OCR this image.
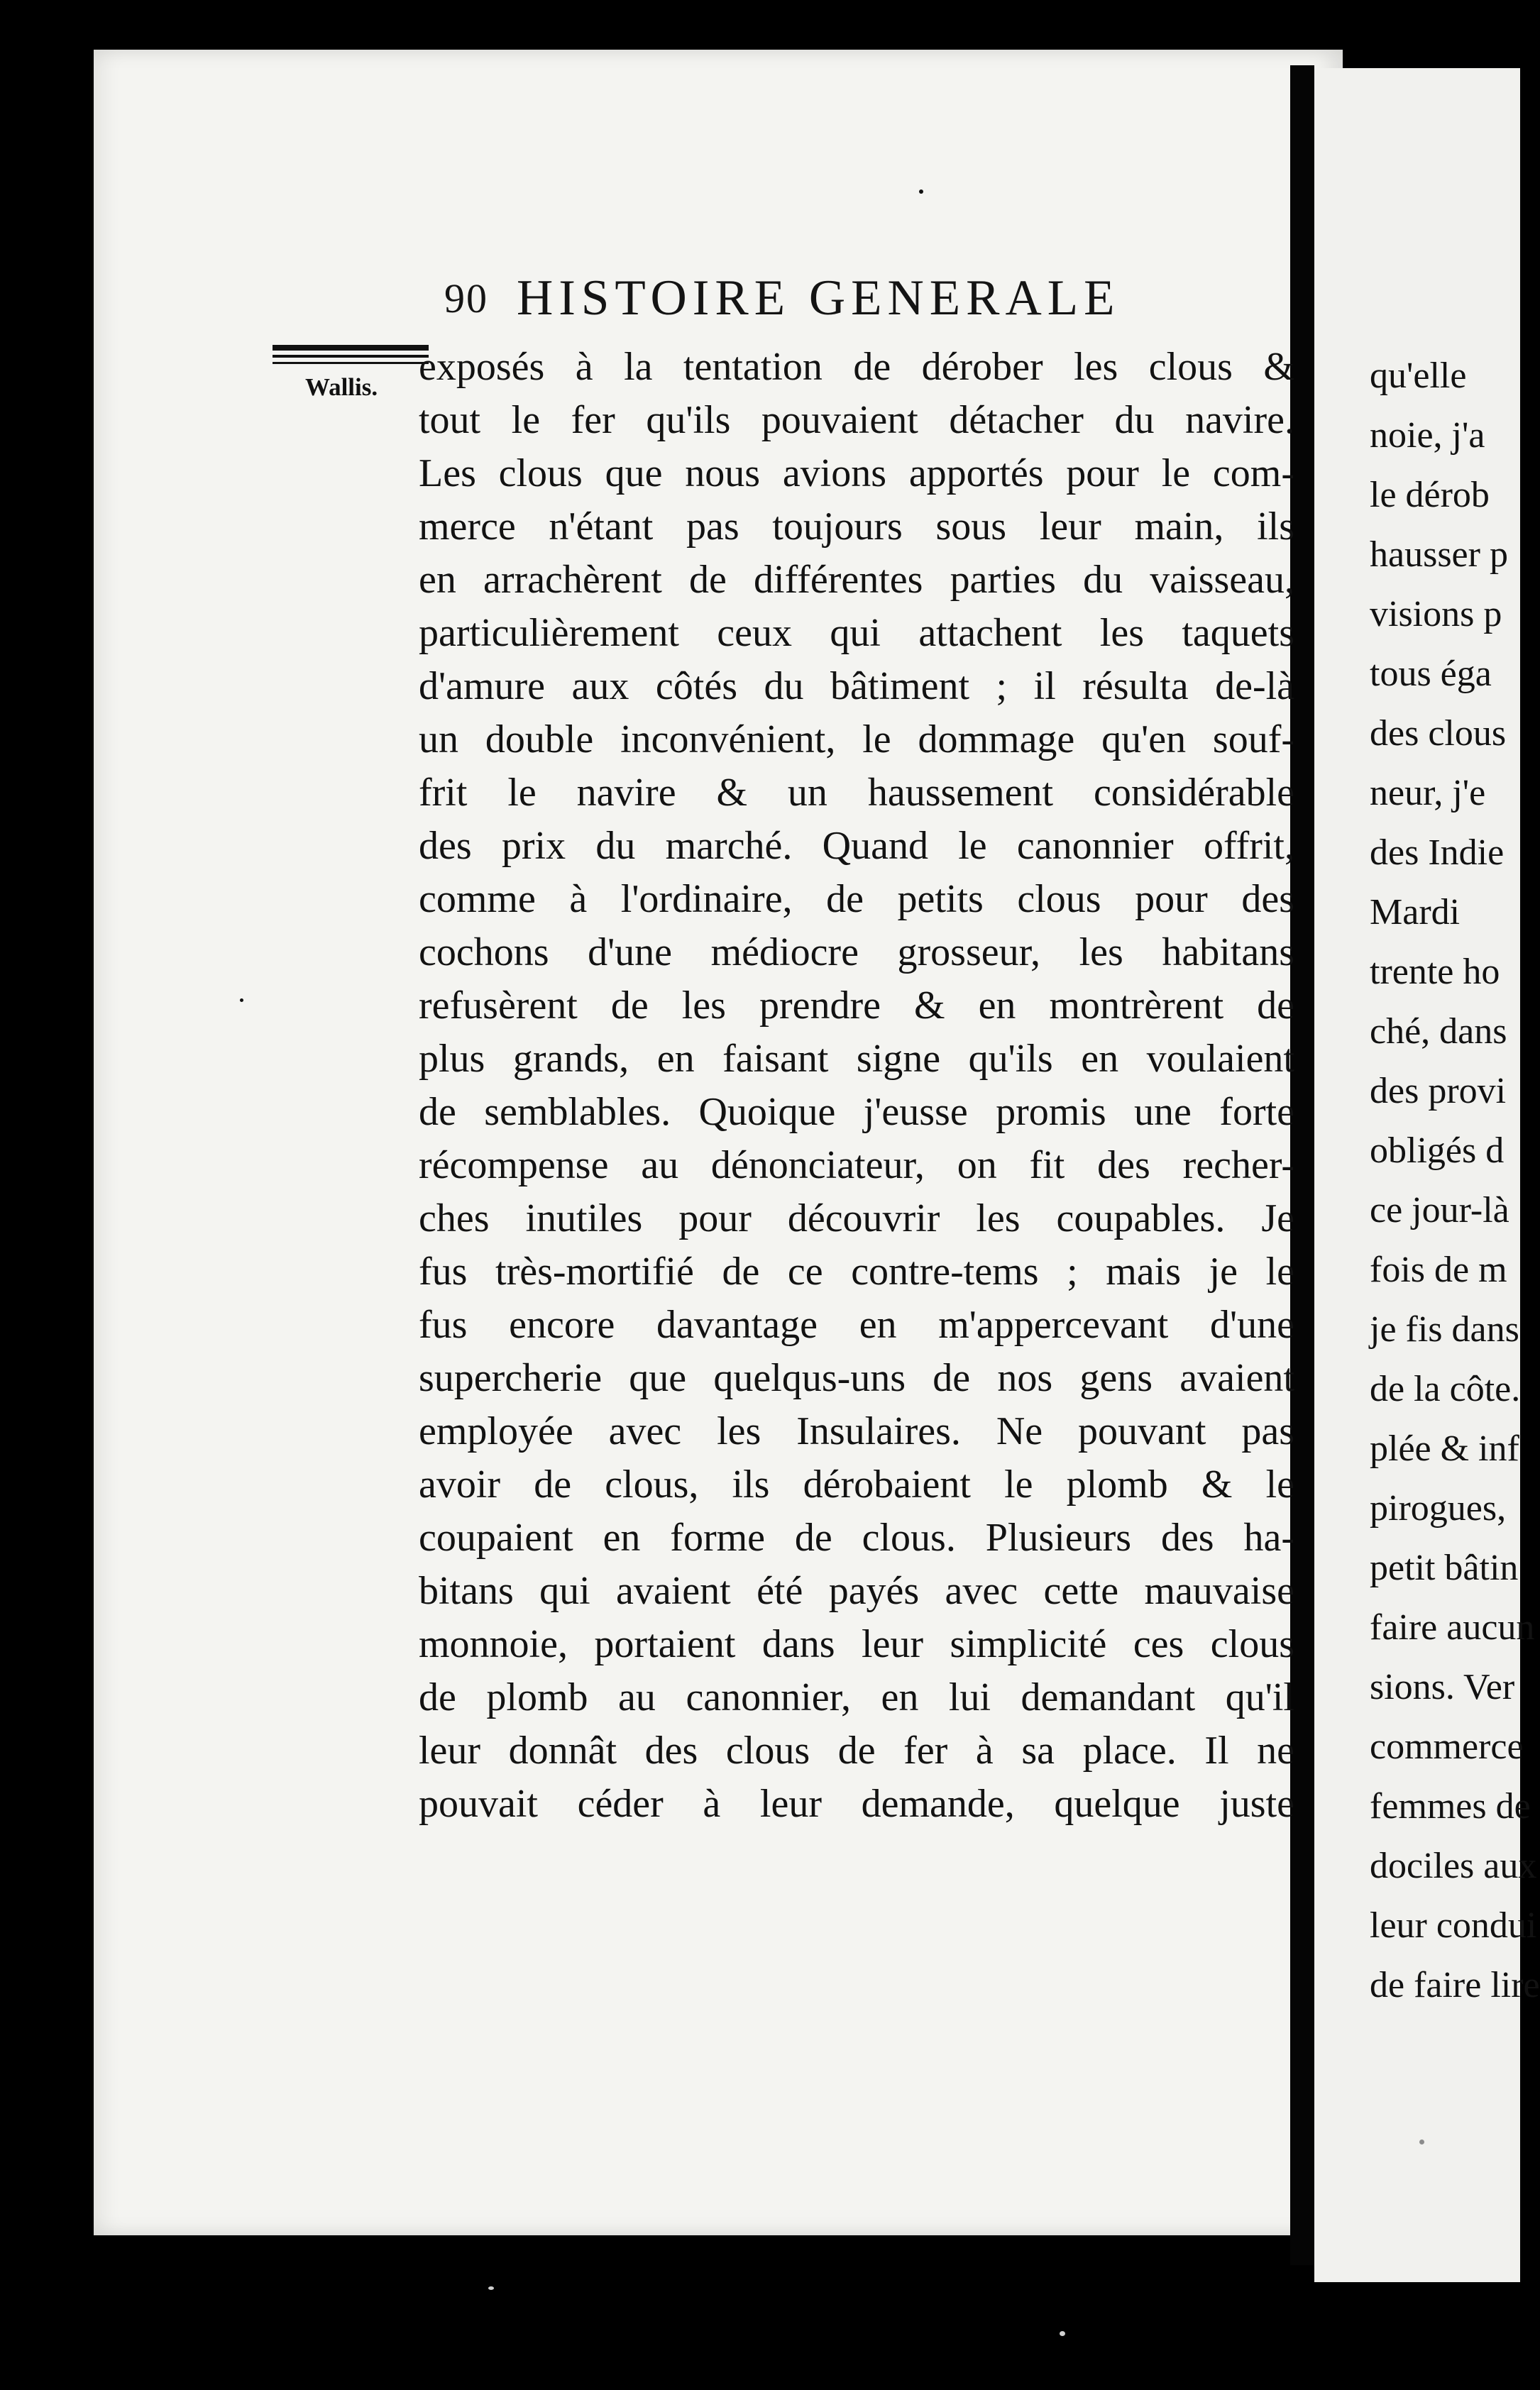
90 HISTOIRE GENERALE
Wallis. exposés à la tentation de dérober les clous &
tout le fer qu'ils pouvaient détacher du navire.
Les clous que nous avions apportés pour le com-
merce n'étant pas toujours sous leur main, ils
en arrachèrent de différentes parties du vaisseau,
particulièrement ceux qui attachent les taquets
d'amure aux côtés du bâtiment ; il résulta de-là
un double inconvénient, le dommage qu'en souf-
frit le navire & un haussement considérable
des prix du marché. Quand le canonnier offrit,
comme à l'ordinaire, de petits clous pour des
cochons d'une médiocre grosseur, les habitans
refusèrent de les prendre & en montrèrent de
plus grands, en faisant signe qu'ils en voulaient
de semblables. Quoique j'eusse promis une forte
récompense au dénonciateur, on fit des recher-
ches inutiles pour découvrir les coupables. Je
fus très-mortifié de ce contre-tems ; mais je le
fus encore davantage en m'appercevant d'une
supercherie que quelqus-uns de nos gens avaient
employée avec les Insulaires. Ne pouvant pas
avoir de clous, ils dérobaient le plomb & le
coupaient en forme de clous. Plusieurs des ha-
bitans qui avaient été payés avec cette mauvaise
monnoie, portaient dans leur simplicité ces clous
de plomb au canonnier, en lui demandant qu'il
leur donnât des clous de fer à sa place. Il ne
pouvait céder à leur demande, quelque juste
qu'elle
noie, j'a
le dérob
hausser p
visions p
tous éga
des clous
neur, j'e
des Indie
Mardi
trente ho
ché, dans
des provi
obligés d
ce jour-là
fois de m
je fis dans
de la côte.
plée & inf
pirogues,
petit bâtin
faire aucun
sions. Ver
commerce
femmes de
dociles aux
leur condui
de faire lire
